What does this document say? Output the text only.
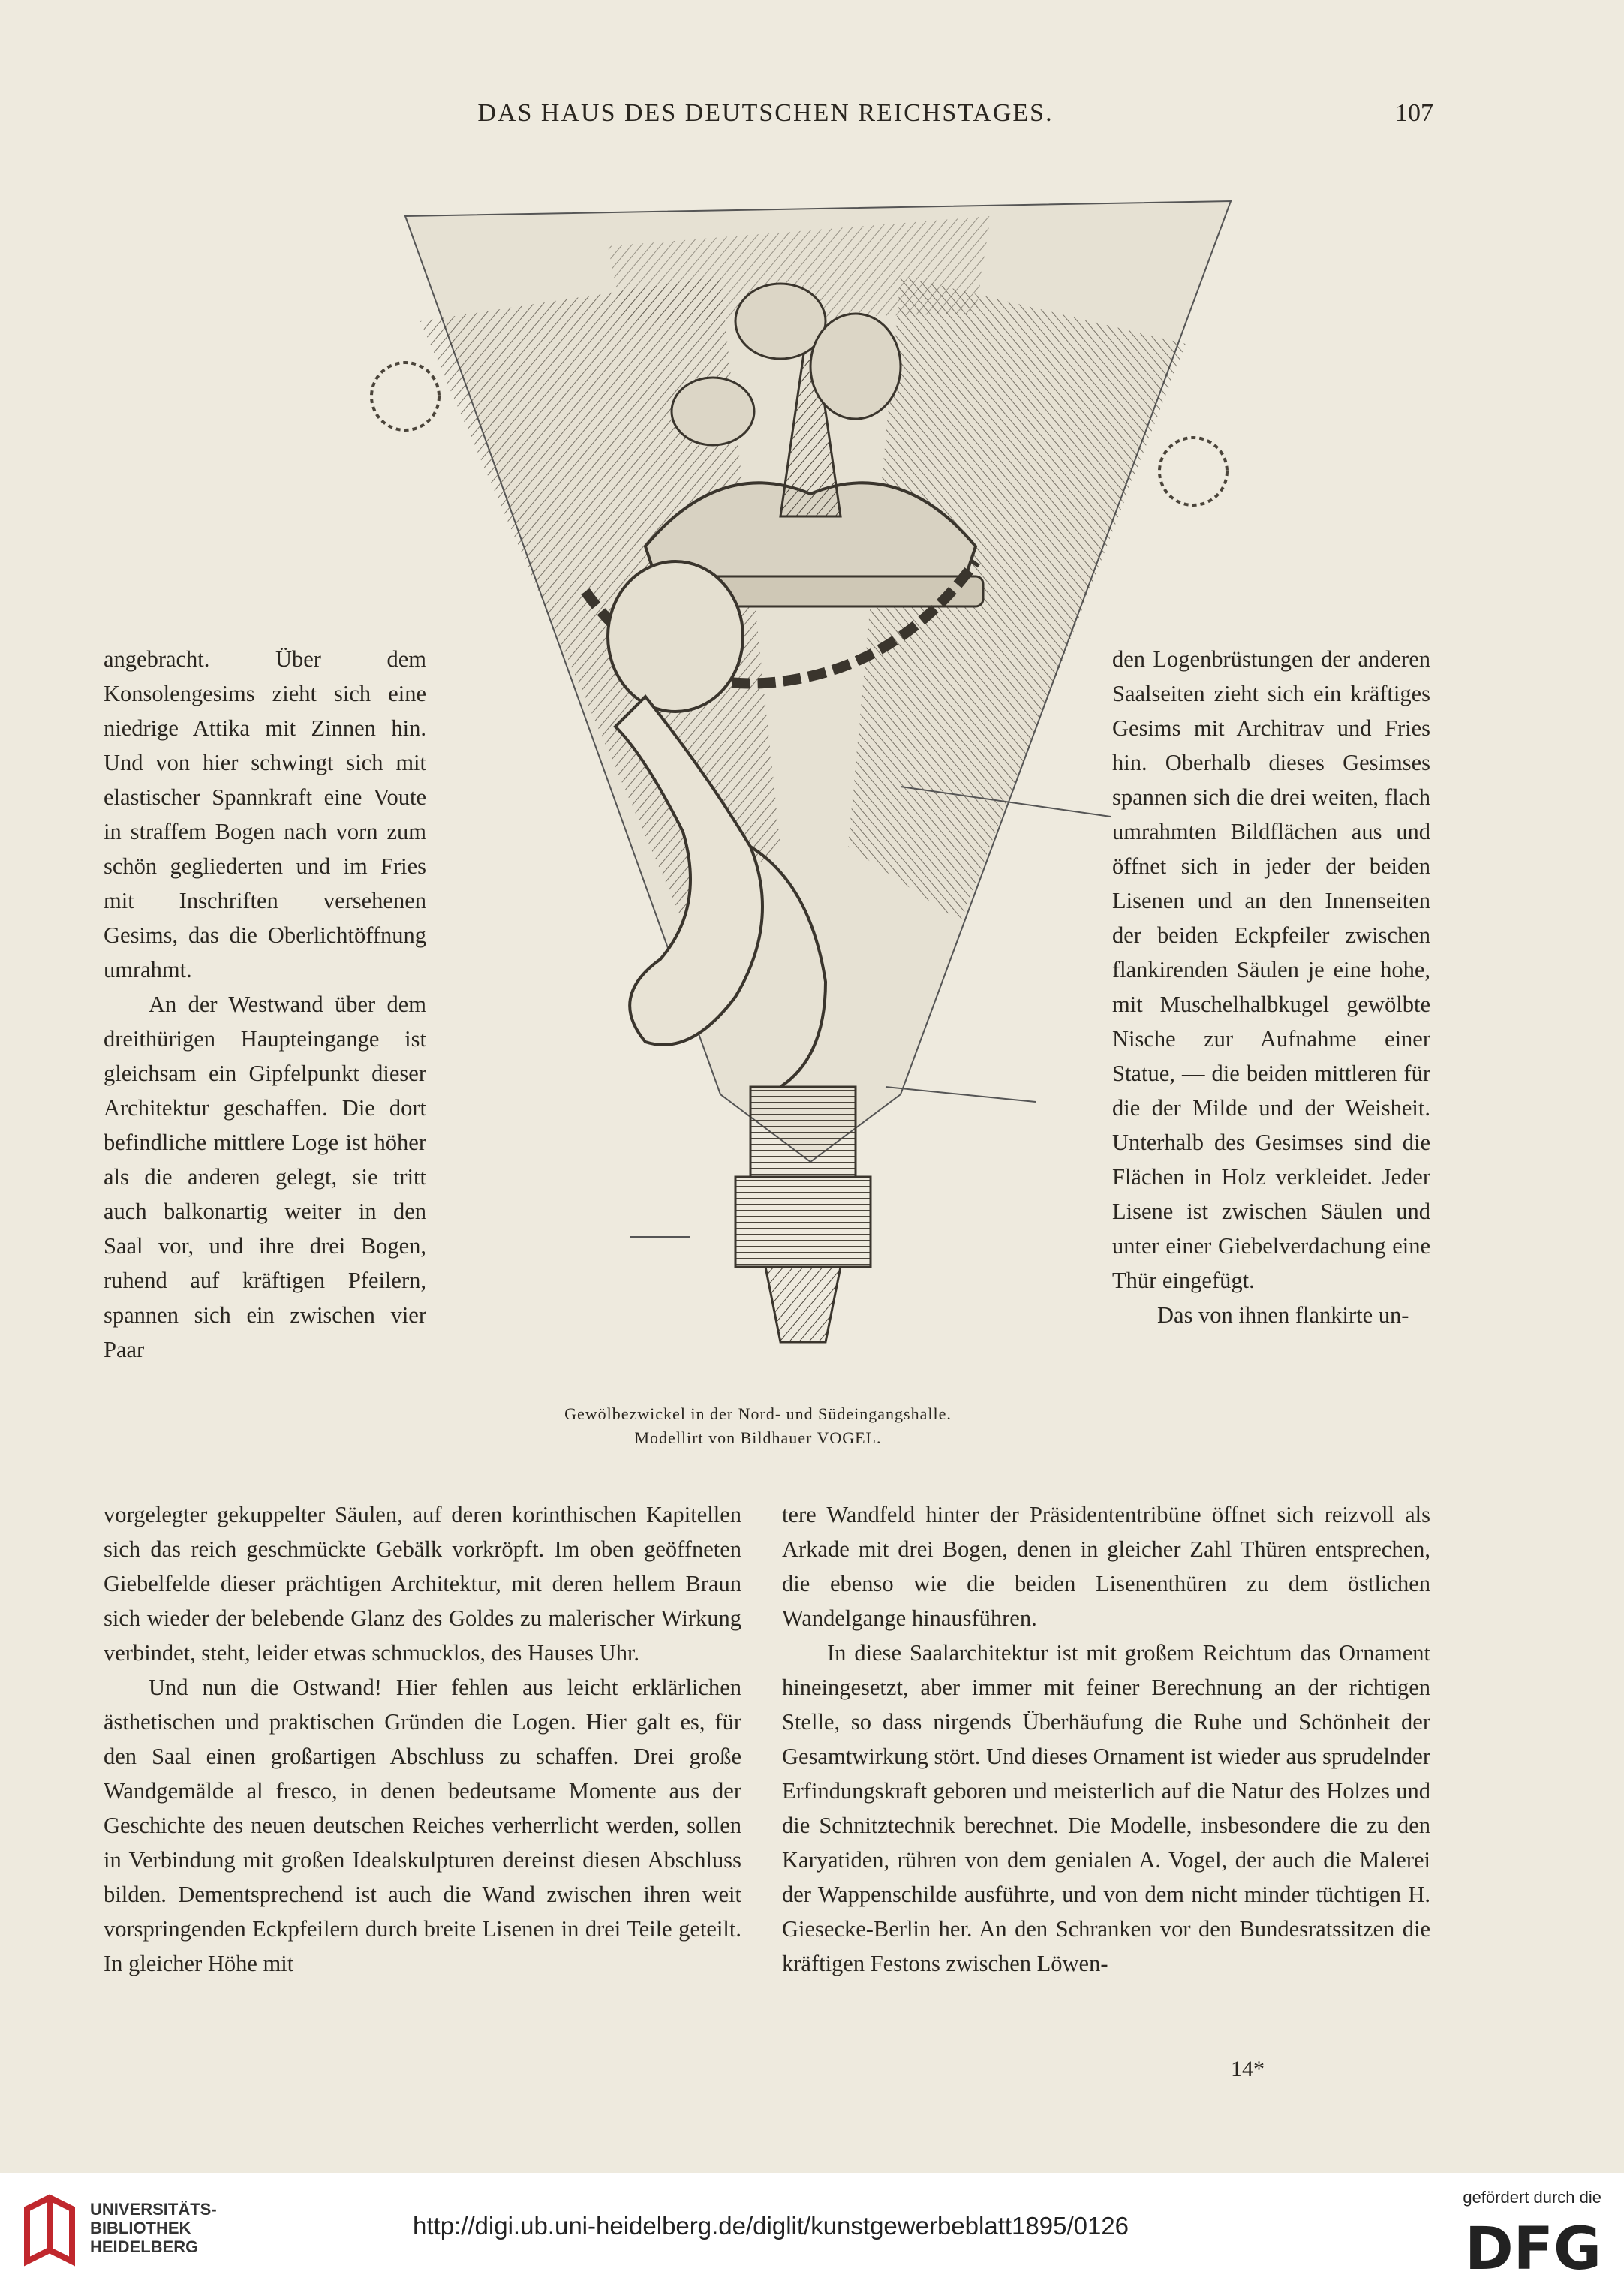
DAS HAUS DES DEUTSCHEN REICHSTAGES.	107
Gewölbezwickel in der Nord- und Südeingangshalle.
Modellirt von Bildhauer VOGEL.

angebracht. Über dem Konsolengesims zieht sich eine niedrige Attika mit Zinnen hin. Und von hier schwingt sich mit elastischer Spannkraft eine Voute in straffem Bogen nach vorn zum schön gegliederten und im Fries mit Inschriften versehenen Gesims, das die Oberlichtöffnung umrahmt.

An der Westwand über dem dreithürigen Haupteingange ist gleichsam ein Gipfelpunkt dieser Architektur geschaffen. Die dort befindliche mittlere Loge ist höher als die anderen gelegt, sie tritt auch balkonartig weiter in den Saal vor, und ihre drei Bogen, ruhend auf kräftigen Pfeilern, spannen sich ein zwischen vier Paar

den Logenbrüstungen der anderen Saalseiten zieht sich ein kräftiges Gesims mit Architrav und Fries hin. Oberhalb dieses Gesimses spannen sich die drei weiten, flach umrahmten Bildflächen aus und öffnet sich in jeder der beiden Lisenen und an den Innenseiten der beiden Eckpfeiler zwischen flankirenden Säulen je eine hohe, mit Muschelhalbkugel gewölbte Nische zur Aufnahme einer Statue, — die beiden mittleren für die der Milde und der Weisheit. Unterhalb des Gesimses sind die Flächen in Holz verkleidet. Jeder Lisene ist zwischen Säulen und unter einer Giebelverdachung eine Thür eingefügt.

Das von ihnen flankirte un-

vorgelegter gekuppelter Säulen, auf deren korinthischen Kapitellen sich das reich geschmückte Gebälk vorkröpft. Im oben geöffneten Giebelfelde dieser prächtigen Architektur, mit deren hellem Braun sich wieder der belebende Glanz des Goldes zu malerischer Wirkung verbindet, steht, leider etwas schmucklos, des Hauses Uhr.

Und nun die Ostwand! Hier fehlen aus leicht erklärlichen ästhetischen und praktischen Gründen die Logen. Hier galt es, für den Saal einen großartigen Abschluss zu schaffen. Drei große Wandgemälde al fresco, in denen bedeutsame Momente aus der Geschichte des neuen deutschen Reiches verherrlicht werden, sollen in Verbindung mit großen Idealskulpturen dereinst diesen Abschluss bilden. Dementsprechend ist auch die Wand zwischen ihren weit vorspringenden Eckpfeilern durch breite Lisenen in drei Teile geteilt. In gleicher Höhe mit

tere Wandfeld hinter der Präsidententribüne öffnet sich reizvoll als Arkade mit drei Bogen, denen in gleicher Zahl Thüren entsprechen, die ebenso wie die beiden Lisenenthüren zu dem östlichen Wandelgange hinausführen.

In diese Saalarchitektur ist mit großem Reichtum das Ornament hineingesetzt, aber immer mit feiner Berechnung an der richtigen Stelle, so dass nirgends Überhäufung die Ruhe und Schönheit der Gesamtwirkung stört. Und dieses Ornament ist wieder aus sprudelnder Erfindungskraft geboren und meisterlich auf die Natur des Holzes und die Schnitztechnik berechnet. Die Modelle, insbesondere die zu den Karyatiden, rühren von dem genialen A. Vogel, der auch die Malerei der Wappenschilde ausführte, und von dem nicht minder tüchtigen H. Giesecke-Berlin her. An den Schranken vor den Bundesratssitzen die kräftigen Festons zwischen Löwen-

14*
UNIVERSITÄTS-
BIBLIOTHEK
HEIDELBERG
http://digi.ub.uni-heidelberg.de/diglit/kunstgewerbeblatt1895/0126
gefördert durch die
DFG
